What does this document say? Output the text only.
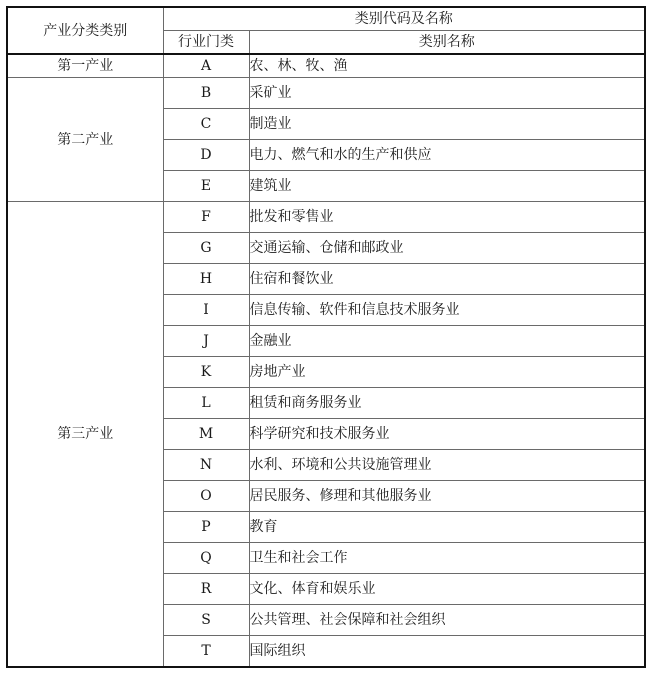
产业分类类别	类别代码及名称	
	行业门类	类别名称
第一产业	A	农、林、牧、渔
第二产业	B	采矿业
	C	制造业
	D	电力、燃气和水的生产和供应
	E	建筑业
第三产业	F	批发和零售业
	G	交通运输、仓储和邮政业
	H	住宿和餐饮业
	I	信息传输、软件和信息技术服务业
	J	金融业
	K	房地产业
	L	租赁和商务服务业
	M	科学研究和技术服务业
	N	水利、环境和公共设施管理业
	O	居民服务、修理和其他服务业
	P	教育
	Q	卫生和社会工作
	R	文化、体育和娱乐业
	S	公共管理、社会保障和社会组织
	T	国际组织
